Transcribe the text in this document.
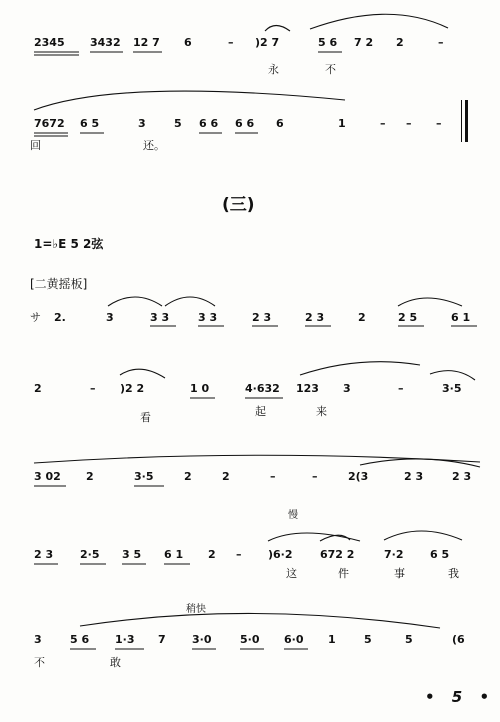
2345 3432 12 7 6	– )2 7	5 6 7 2 2	–
永	不
7672 6 5	3	5 6 6 6 6 6	1	– – –
回	还。
(三)
1=♭E 5 2弦
[二黄摇板]
サ 2.	3	3 3	3 3	2 3	2 3	2	2 5	6 1
2	– )2 2	1 0	4·632 123 3	–	3·5
看	起	来
3 02 2	3·5	2	2	–	–	2(3	2 3	2 3
慢
2 3 2·5 3 5 6 1 2 – )6·2 672 2	7·2 6 5
这	件	事	我
稍快
3	5 6 1·3 7 3·0	5·0 6·0 1	5	5	(6
不	敢
• 5 •
